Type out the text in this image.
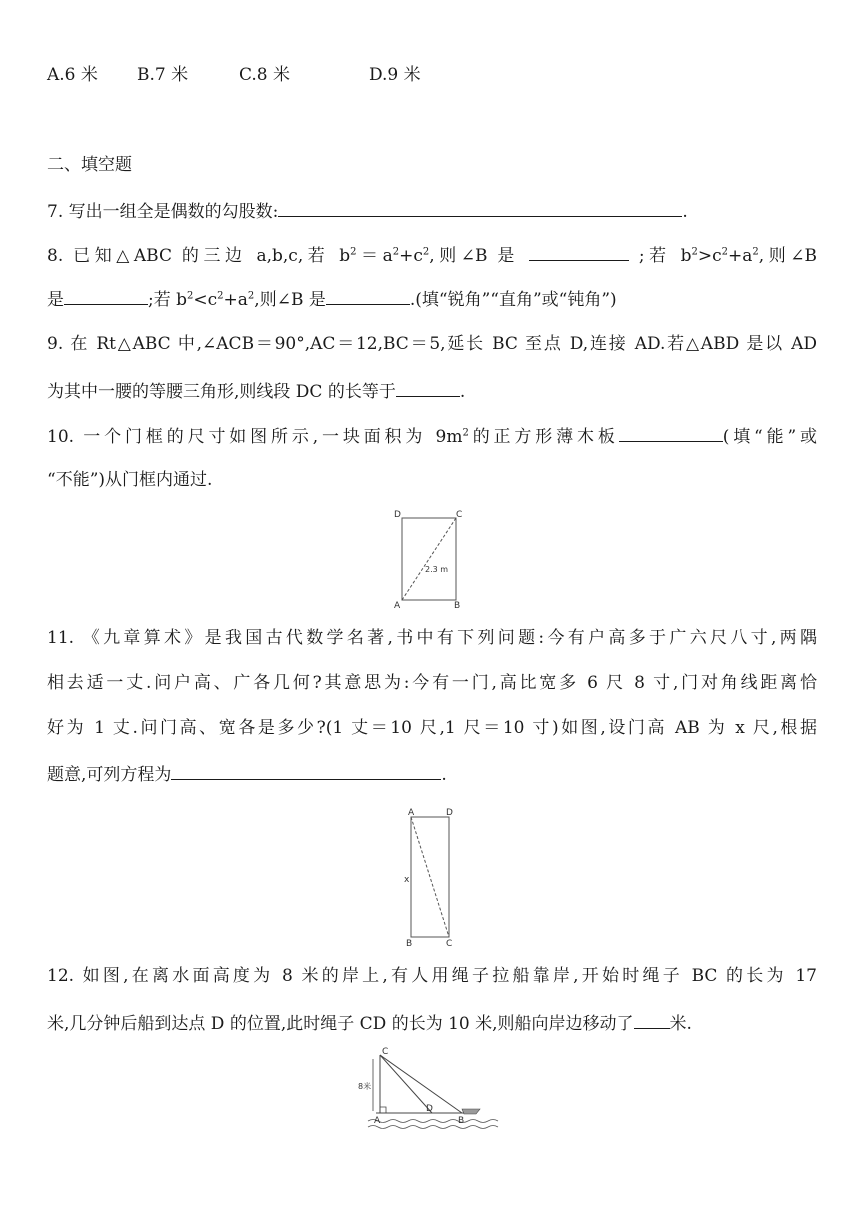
A.6 米 B.7 米	C.8 米	D.9 米
二、填空题
7. 写出一组全是偶数的勾股数:	.
8. 已知△ABC 的三边 a,b,c,若 $b^2=a^2+c^2$,则∠B 是	;若 $b^2>c^2+a^2$,则∠B
是	;若 $b^2<c^2+a^2$,则∠B 是	.(填“锐角”“直角”或“钝角”)
9. 在 Rt△ABC 中,∠ACB＝90°,AC＝12,BC＝5,延长 BC 至点 D,连接 AD.若△ABD 是以 AD
为其中一腰的等腰三角形,则线段 DC 的长等于	.
10. 一个门框的尺寸如图所示,一块面积为 $9m^2$的正方形薄木板	(填“能”或
“不能”)从门框内通过.
D	C
A	B
2.3 m
11. 《九章算术》是我国古代数学名著,书中有下列问题:今有户高多于广六尺八寸,两隅
相去适一丈.问户高、广各几何?其意思为:今有一门,高比宽多 6 尺 8 寸,门对角线距离恰
好为 1 丈.问门高、宽各是多少?(1 丈＝10 尺,1 尺＝10 寸)如图,设门高 AB 为 x 尺,根据
题意,可列方程为	.
A	D
B	C
x
12. 如图,在离水面高度为 8 米的岸上,有人用绳子拉船靠岸,开始时绳子 BC 的长为 17
米,几分钟后船到达点 D 的位置,此时绳子 CD 的长为 10 米,则船向岸边移动了 米.
C
A
D
B
8米
